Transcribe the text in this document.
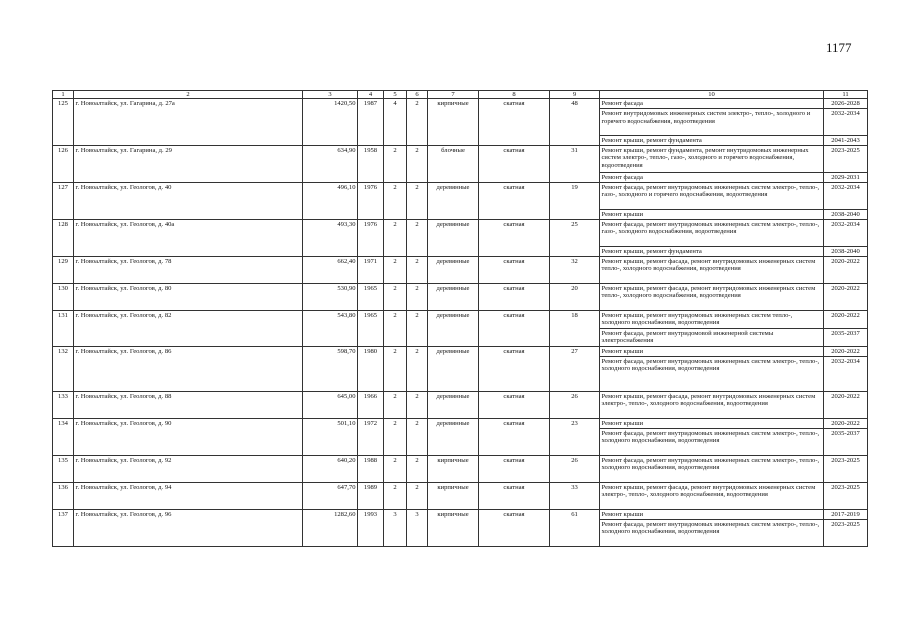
1177
1	2	3	4	5	6	7	8	9	10	11
125	г. Новоалтайск, ул. Гагарина, д. 27а	1420,50	1987	4	2	кирпичные	скатная	48	Ремонт фасада	2026-2028
									Ремонт внутридомовых инженерных систем электро-, тепло-, холодного и горячего водоснабжения, водоотведения	2032-2034
									Ремонт крыши, ремонт фундамента	2041-2043
126	г. Новоалтайск, ул. Гагарина, д. 29	634,90	1958	2	2	блочные	скатная	31	Ремонт крыши, ремонт фундамента, ремонт внутридомовых инженерных систем электро-, тепло-, газо-, холодного и горячего водоснабжения, водоотведения	2023-2025
									Ремонт фасада	2029-2031
127	г. Новоалтайск, ул. Геологов, д. 40	496,10	1976	2	2	деревянные	скатная	19	Ремонт фасада, ремонт внутридомовых инженерных систем электро-, тепло-, газо-, холодного и горячего водоснабжения, водоотведения	2032-2034
									Ремонт крыши	2038-2040
128	г. Новоалтайск, ул. Геологов, д. 40а	493,30	1976	2	2	деревянные	скатная	25	Ремонт фасада, ремонт внутридомовых инженерных систем электро-, тепло-, газо-, холодного водоснабжения, водоотведения	2032-2034
									Ремонт крыши, ремонт фундамента	2038-2040
129	г. Новоалтайск, ул. Геологов, д. 78	662,40	1971	2	2	деревянные	скатная	32	Ремонт крыши, ремонт фасада, ремонт внутридомовых инженерных систем тепло-, холодного водоснабжения, водоотведения	2020-2022
130	г. Новоалтайск, ул. Геологов, д. 80	530,90	1965	2	2	деревянные	скатная	20	Ремонт крыши, ремонт фасада, ремонт внутридомовых инженерных систем тепло-, холодного водоснабжения, водоотведения	2020-2022
131	г. Новоалтайск, ул. Геологов, д. 82	543,80	1965	2	2	деревянные	скатная	18	Ремонт крыши, ремонт внутридомовых инженерных систем тепло-, холодного водоснабжения, водоотведения	2020-2022
									Ремонт фасада, ремонт внутридомовой инженерной системы электроснабжения	2035-2037
132	г. Новоалтайск, ул. Геологов, д. 86	598,70	1980	2	2	деревянные	скатная	27	Ремонт крыши	2020-2022
									Ремонт фасада, ремонт внутридомовых инженерных систем электро-, тепло-, холодного водоснабжения, водоотведения	2032-2034
133	г. Новоалтайск, ул. Геологов, д. 88	645,00	1966	2	2	деревянные	скатная	26	Ремонт крыши, ремонт фасада, ремонт внутридомовых инженерных систем электро-, тепло-, холодного водоснабжения, водоотведения	2020-2022
134	г. Новоалтайск, ул. Геологов, д. 90	501,10	1972	2	2	деревянные	скатная	23	Ремонт крыши	2020-2022
									Ремонт фасада, ремонт внутридомовых инженерных систем электро-, тепло-, холодного водоснабжения, водоотведения	2035-2037
135	г. Новоалтайск, ул. Геологов, д. 92	640,20	1988	2	2	кирпичные	скатная	26	Ремонт фасада, ремонт внутридомовых инженерных систем электро-, тепло-, холодного водоснабжения, водоотведения	2023-2025
136	г. Новоалтайск, ул. Геологов, д. 94	647,70	1989	2	2	кирпичные	скатная	33	Ремонт крыши, ремонт фасада, ремонт внутридомовых инженерных систем электро-, тепло-, холодного водоснабжения, водоотведения	2023-2025
137	г. Новоалтайск, ул. Геологов, д. 96	1282,60	1993	3	3	кирпичные	скатная	61	Ремонт крыши	2017-2019
									Ремонт фасада, ремонт внутридомовых инженерных систем электро-, тепло-, холодного водоснабжения, водоотведения	2023-2025
